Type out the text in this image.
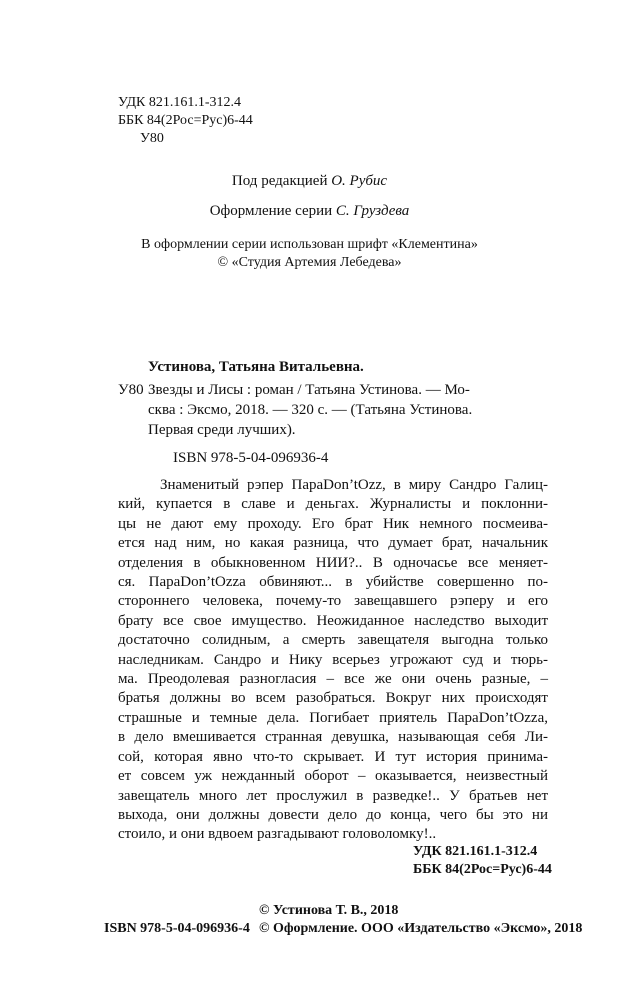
УДК 821.161.1-312.4
ББК 84(2Рос=Рус)6-44
У80
Под редакцией О. Рубис
Оформление серии С. Груздева
В оформлении серии использован шрифт «Клементина»
© «Студия Артемия Лебедева»
Устинова, Татьяна Витальевна.
У80 Звезды и Лисы : роман / Татьяна Устинова. — Мо-
сква : Эксмо, 2018. — 320 с. — (Татьяна Устинова.
Первая среди лучших).
ISBN 978-5-04-096936-4
Знаменитый рэпер ПараDon’tOzz, в миру Сандро Галиц-
кий, купается в славе и деньгах. Журналисты и поклонни-
цы не дают ему проходу. Его брат Ник немного посмеива-
ется над ним, но какая разница, что думает брат, начальник
отделения в обыкновенном НИИ?.. В одночасье все меняет-
ся. ПараDon’tOzza обвиняют... в убийстве совершенно по-
стороннего человека, почему-то завещавшего рэперу и его
брату все свое имущество. Неожиданное наследство выходит
достаточно солидным, а смерть завещателя выгодна только
наследникам. Сандро и Нику всерьез угрожают суд и тюрь-
ма. Преодолевая разногласия – все же они очень разные, –
братья должны во всем разобраться. Вокруг них происходят
страшные и темные дела. Погибает приятель ПараDon’tOzza,
в дело вмешивается странная девушка, называющая себя Ли-
сой, которая явно что-то скрывает. И тут история принима-
ет совсем уж нежданный оборот – оказывается, неизвестный
завещатель много лет прослужил в разведке!.. У братьев нет
выхода, они должны довести дело до конца, чего бы это ни
стоило, и они вдвоем разгадывают головоломку!..
УДК 821.161.1-312.4
ББК 84(2Рос=Рус)6-44
© Устинова Т. В., 2018
ISBN 978-5-04-096936-4 © Оформление. ООО «Издательство «Эксмо», 2018
